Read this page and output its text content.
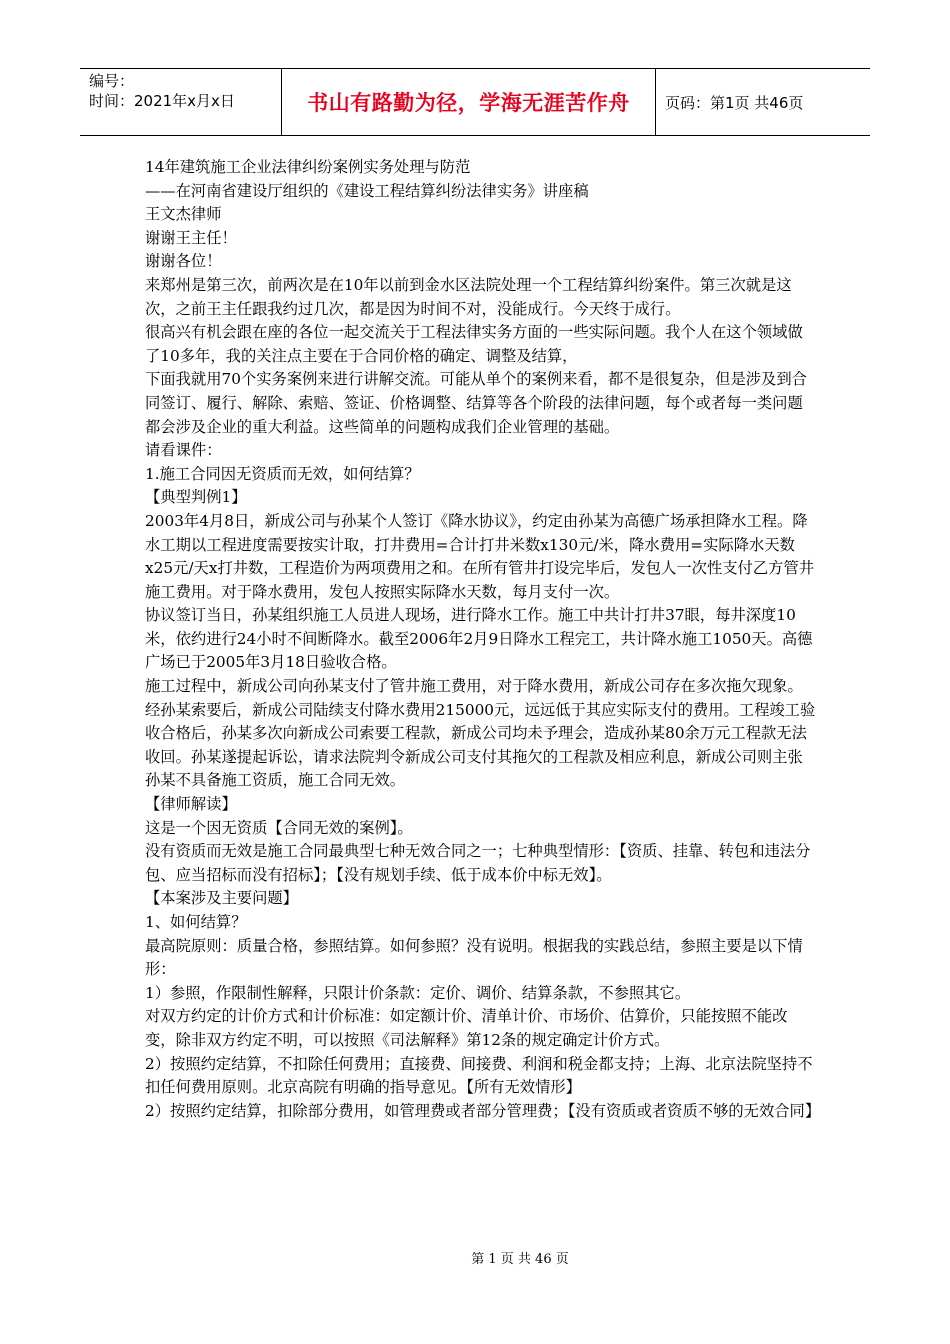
编号：
时间：2021年x月x日	书山有路勤为径，学海无涯苦作舟	页码：第1页 共46页

14年建筑施工企业法律纠纷案例实务处理与防范

——在河南省建设厅组织的《建设工程结算纠纷法律实务》讲座稿

王文杰律师

谢谢王主任！

谢谢各位！

来郑州是第三次，前两次是在10年以前到金水区法院处理一个工程结算纠纷案件。第三次就是这次，之前王主任跟我约过几次，都是因为时间不对，没能成行。今天终于成行。

很高兴有机会跟在座的各位一起交流关于工程法律实务方面的一些实际问题。我个人在这个领域做了10多年，我的关注点主要在于合同价格的确定、调整及结算，

下面我就用70个实务案例来进行讲解交流。可能从单个的案例来看，都不是很复杂，但是涉及到合同签订、履行、解除、索赔、签证、价格调整、结算等各个阶段的法律问题，每个或者每一类问题都会涉及企业的重大利益。这些简单的问题构成我们企业管理的基础。

请看课件：

1.施工合同因无资质而无效，如何结算？

【典型判例1】

2003年4月8日，新成公司与孙某个人签订《降水协议》，约定由孙某为高德广场承担降水工程。降水工期以工程进度需要按实计取，打井费用=合计打井米数x130元/米，降水费用=实际降水天数x25元/天x打井数，工程造价为两项费用之和。在所有管井打设完毕后，发包人一次性支付乙方管井施工费用。对于降水费用，发包人按照实际降水天数，每月支付一次。

协议签订当日，孙某组织施工人员进人现场，进行降水工作。施工中共计打井37眼，每井深度10米，依约进行24小时不间断降水。截至2006年2月9日降水工程完工，共计降水施工1050天。高德广场已于2005年3月18日验收合格。

施工过程中，新成公司向孙某支付了管井施工费用，对于降水费用，新成公司存在多次拖欠现象。经孙某索要后，新成公司陆续支付降水费用215000元，远远低于其应实际支付的费用。工程竣工验收合格后，孙某多次向新成公司索要工程款，新成公司均未予理会，造成孙某80余万元工程款无法收回。孙某遂提起诉讼，请求法院判令新成公司支付其拖欠的工程款及相应利息，新成公司则主张孙某不具备施工资质，施工合同无效。

【律师解读】

这是一个因无资质【合同无效的案例】。

没有资质而无效是施工合同最典型七种无效合同之一；七种典型情形：【资质、挂靠、转包和违法分包、应当招标而没有招标】；【没有规划手续、低于成本价中标无效】。

【本案涉及主要问题】

1、如何结算？

最高院原则：质量合格，参照结算。如何参照？没有说明。根据我的实践总结，参照主要是以下情形：

1）参照，作限制性解释，只限计价条款：定价、调价、结算条款，不参照其它。

对双方约定的计价方式和计价标准：如定额计价、清单计价、市场价、估算价，只能按照不能改变，除非双方约定不明，可以按照《司法解释》第12条的规定确定计价方式。

2）按照约定结算，不扣除任何费用；直接费、间接费、利润和税金都支持；上海、北京法院坚持不扣任何费用原则。北京高院有明确的指导意见。【所有无效情形】

2）按照约定结算，扣除部分费用，如管理费或者部分管理费；【没有资质或者资质不够的无效合同】

第 1 页 共 46 页
